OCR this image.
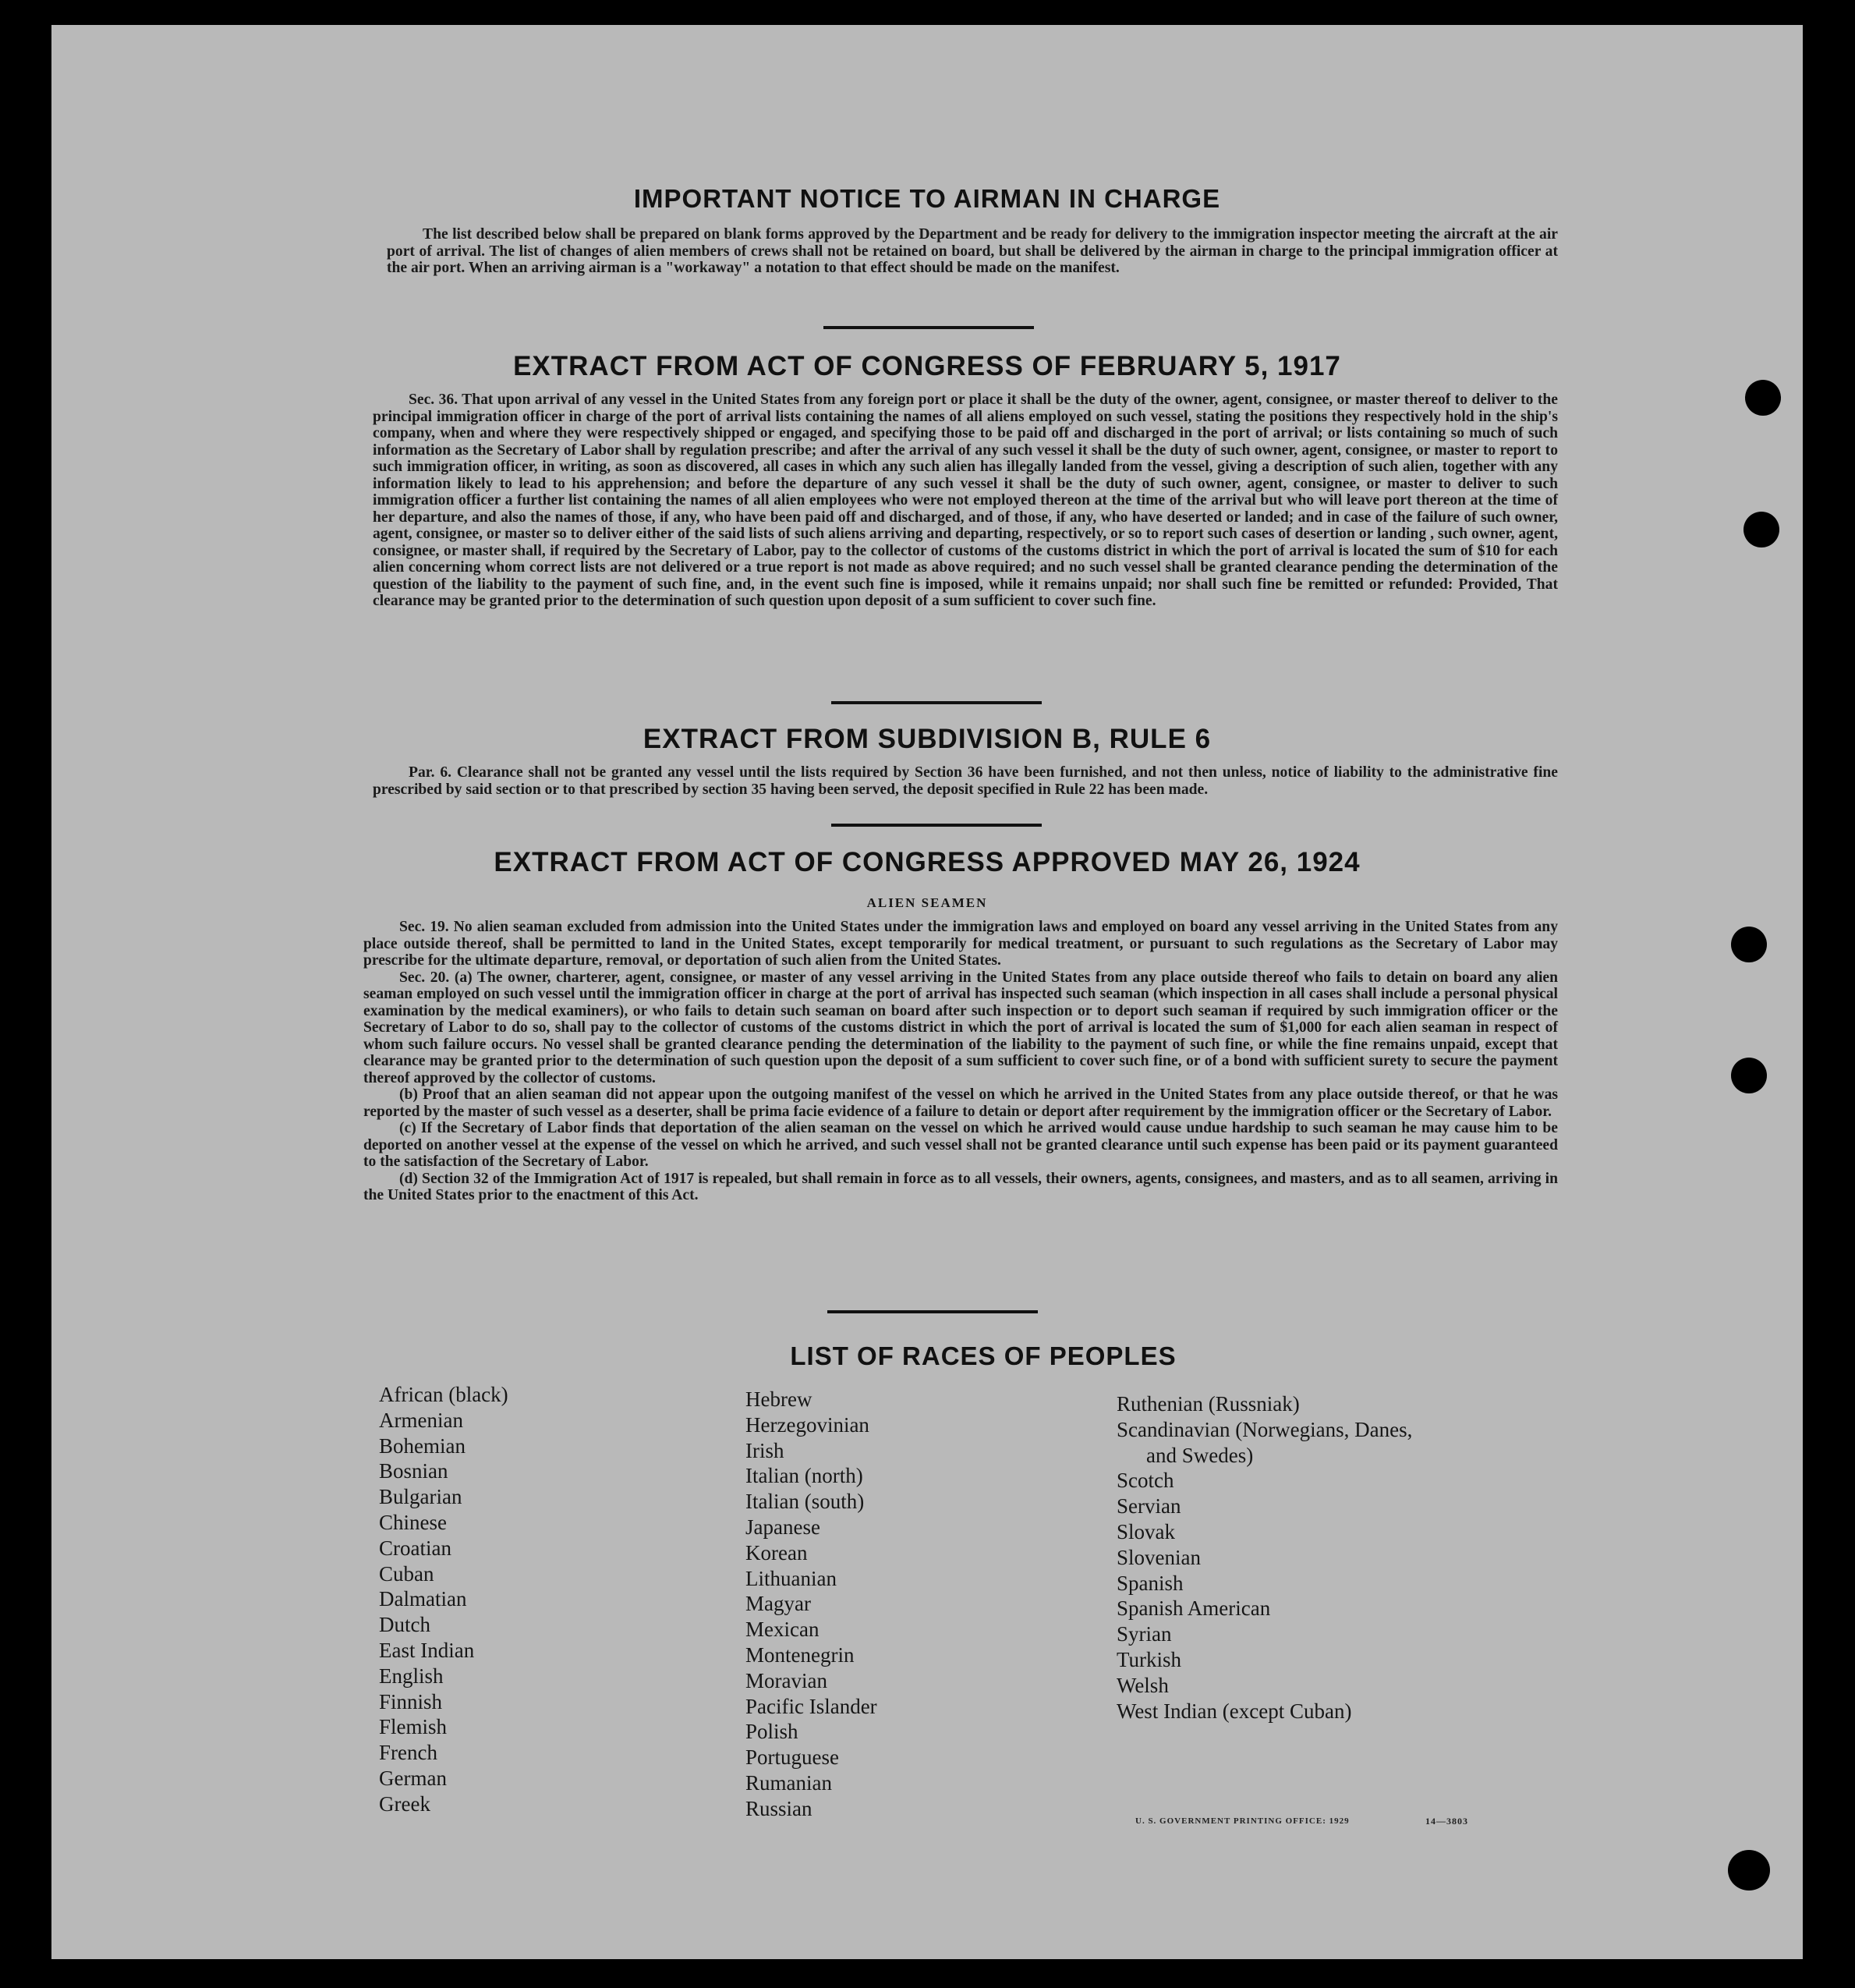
IMPORTANT NOTICE TO AIRMAN IN CHARGE

The list described below shall be prepared on blank forms approved by the Department and be ready for delivery to the immigration inspector meeting the aircraft at the air port of arrival. The list of changes of alien members of crews shall not be retained on board, but shall be delivered by the airman in charge to the principal immigration officer at the air port. When an arriving airman is a "workaway" a notation to that effect should be made on the manifest.

EXTRACT FROM ACT OF CONGRESS OF FEBRUARY 5, 1917

Sec. 36. That upon arrival of any vessel in the United States from any foreign port or place it shall be the duty of the owner, agent, consignee, or master thereof to deliver to the principal immigration officer in charge of the port of arrival lists containing the names of all aliens employed on such vessel, stating the positions they respectively hold in the ship's company, when and where they were respectively shipped or engaged, and specifying those to be paid off and discharged in the port of arrival; or lists containing so much of such information as the Secretary of Labor shall by regulation prescribe; and after the arrival of any such vessel it shall be the duty of such owner, agent, consignee, or master to report to such immigration officer, in writing, as soon as discovered, all cases in which any such alien has illegally landed from the vessel, giving a description of such alien, together with any information likely to lead to his apprehension; and before the departure of any such vessel it shall be the duty of such owner, agent, consignee, or master to deliver to such immigration officer a further list containing the names of all alien employees who were not employed thereon at the time of the arrival but who will leave port thereon at the time of her departure, and also the names of those, if any, who have been paid off and discharged, and of those, if any, who have deserted or landed; and in case of the failure of such owner, agent, consignee, or master so to deliver either of the said lists of such aliens arriving and departing, respectively, or so to report such cases of desertion or landing , such owner, agent, consignee, or master shall, if required by the Secretary of Labor, pay to the collector of customs of the customs district in which the port of arrival is located the sum of $10 for each alien concerning whom correct lists are not delivered or a true report is not made as above required; and no such vessel shall be granted clearance pending the determination of the question of the liability to the payment of such fine, and, in the event such fine is imposed, while it remains unpaid; nor shall such fine be remitted or refunded: Provided, That clearance may be granted prior to the determination of such question upon deposit of a sum sufficient to cover such fine.

EXTRACT FROM SUBDIVISION B, RULE 6

Par. 6. Clearance shall not be granted any vessel until the lists required by Section 36 have been furnished, and not then unless, notice of liability to the administrative fine prescribed by said section or to that prescribed by section 35 having been served, the deposit specified in Rule 22 has been made.

EXTRACT FROM ACT OF CONGRESS APPROVED MAY 26, 1924
ALIEN SEAMEN

Sec. 19. No alien seaman excluded from admission into the United States under the immigration laws and employed on board any vessel arriving in the United States from any place outside thereof, shall be permitted to land in the United States, except temporarily for medical treatment, or pursuant to such regulations as the Secretary of Labor may prescribe for the ultimate departure, removal, or deportation of such alien from the United States.

Sec. 20. (a) The owner, charterer, agent, consignee, or master of any vessel arriving in the United States from any place outside thereof who fails to detain on board any alien seaman employed on such vessel until the immigration officer in charge at the port of arrival has inspected such seaman (which inspection in all cases shall include a personal physical examination by the medical examiners), or who fails to detain such seaman on board after such inspection or to deport such seaman if required by such immigration officer or the Secretary of Labor to do so, shall pay to the collector of customs of the customs district in which the port of arrival is located the sum of $1,000 for each alien seaman in respect of whom such failure occurs. No vessel shall be granted clearance pending the determination of the liability to the payment of such fine, or while the fine remains unpaid, except that clearance may be granted prior to the determination of such question upon the deposit of a sum sufficient to cover such fine, or of a bond with sufficient surety to secure the payment thereof approved by the collector of customs.

(b) Proof that an alien seaman did not appear upon the outgoing manifest of the vessel on which he arrived in the United States from any place outside thereof, or that he was reported by the master of such vessel as a deserter, shall be prima facie evidence of a failure to detain or deport after requirement by the immigration officer or the Secretary of Labor.

(c) If the Secretary of Labor finds that deportation of the alien seaman on the vessel on which he arrived would cause undue hardship to such seaman he may cause him to be deported on another vessel at the expense of the vessel on which he arrived, and such vessel shall not be granted clearance until such expense has been paid or its payment guaranteed to the satisfaction of the Secretary of Labor.

(d) Section 32 of the Immigration Act of 1917 is repealed, but shall remain in force as to all vessels, their owners, agents, consignees, and masters, and as to all seamen, arriving in the United States prior to the enactment of this Act.

LIST OF RACES OF PEOPLES
African (black)
Armenian
Bohemian
Bosnian
Bulgarian
Chinese
Croatian
Cuban
Dalmatian
Dutch
East Indian
English
Finnish
Flemish
French
German
Greek
Hebrew
Herzegovinian
Irish
Italian (north)
Italian (south)
Japanese
Korean
Lithuanian
Magyar
Mexican
Montenegrin
Moravian
Pacific Islander
Polish
Portuguese
Rumanian
Russian
Ruthenian (Russniak)
Scandinavian (Norwegians, Danes,
and Swedes)
Scotch
Servian
Slovak
Slovenian
Spanish
Spanish American
Syrian
Turkish
Welsh
West Indian (except Cuban)
U. S. GOVERNMENT PRINTING OFFICE: 1929	14—3803
